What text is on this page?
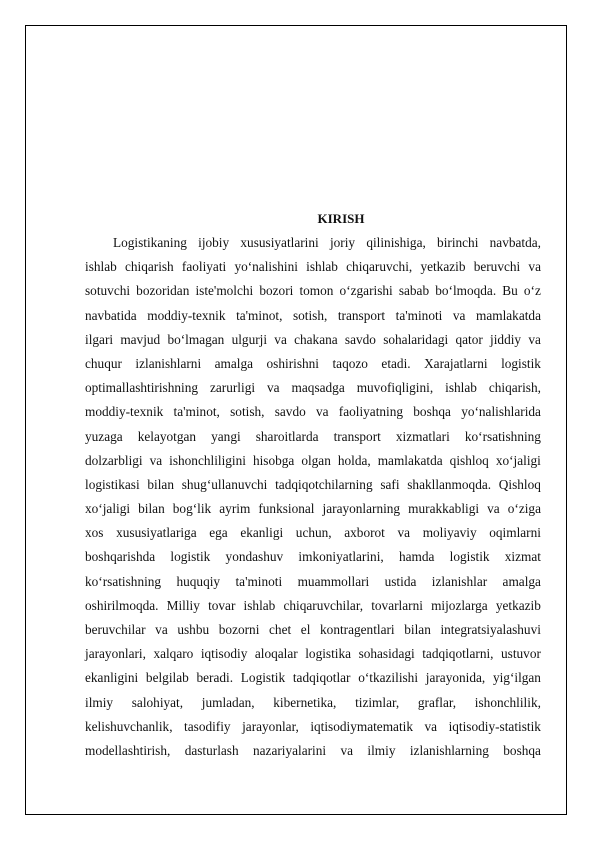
KIRISH
Logistikaning ijobiy xususiyatlarini joriy qilinishiga, birinchi navbatda,
ishlab chiqarish faoliyati yo‘nalishini ishlab chiqaruvchi, yetkazib beruvchi va
sotuvchi bozoridan iste'molchi bozori tomon o‘zgarishi sabab bo‘lmoqda. Bu o‘z
navbatida moddiy-texnik ta'minot, sotish, transport ta'minoti va mamlakatda
ilgari mavjud bo‘lmagan ulgurji va chakana savdo sohalaridagi qator jiddiy va
chuqur izlanishlarni amalga oshirishni taqozo etadi. Xarajatlarni logistik
optimallashtirishning zarurligi va maqsadga muvofiqligini, ishlab chiqarish,
moddiy-texnik ta'minot, sotish, savdo va faoliyatning boshqa yo‘nalishlarida
yuzaga kelayotgan yangi sharoitlarda transport xizmatlari ko‘rsatishning
dolzarbligi va ishonchliligini hisobga olgan holda, mamlakatda qishloq xo‘jaligi
logistikasi bilan shug‘ullanuvchi tadqiqotchilarning safi shakllanmoqda. Qishloq
xo‘jaligi bilan bog‘lik ayrim funksional jarayonlarning murakkabligi va o‘ziga
xos xususiyatlariga ega ekanligi uchun, axborot va moliyaviy oqimlarni
boshqarishda logistik yondashuv imkoniyatlarini, hamda logistik xizmat
ko‘rsatishning huquqiy ta'minoti muammollari ustida izlanishlar amalga
oshirilmoqda. Milliy tovar ishlab chiqaruvchilar, tovarlarni mijozlarga yetkazib
beruvchilar va ushbu bozorni chet el kontragentlari bilan integratsiyalashuvi
jarayonlari, xalqaro iqtisodiy aloqalar logistika sohasidagi tadqiqotlarni, ustuvor
ekanligini belgilab beradi. Logistik tadqiqotlar o‘tkazilishi jarayonida, yig‘ilgan
ilmiy salohiyat, jumladan, kibernetika, tizimlar, graflar, ishonchlilik,
kelishuvchanlik, tasodifiy jarayonlar, iqtisodiymatematik va iqtisodiy-statistik
modellashtirish, dasturlash nazariyalarini va ilmiy izlanishlarning boshqa
